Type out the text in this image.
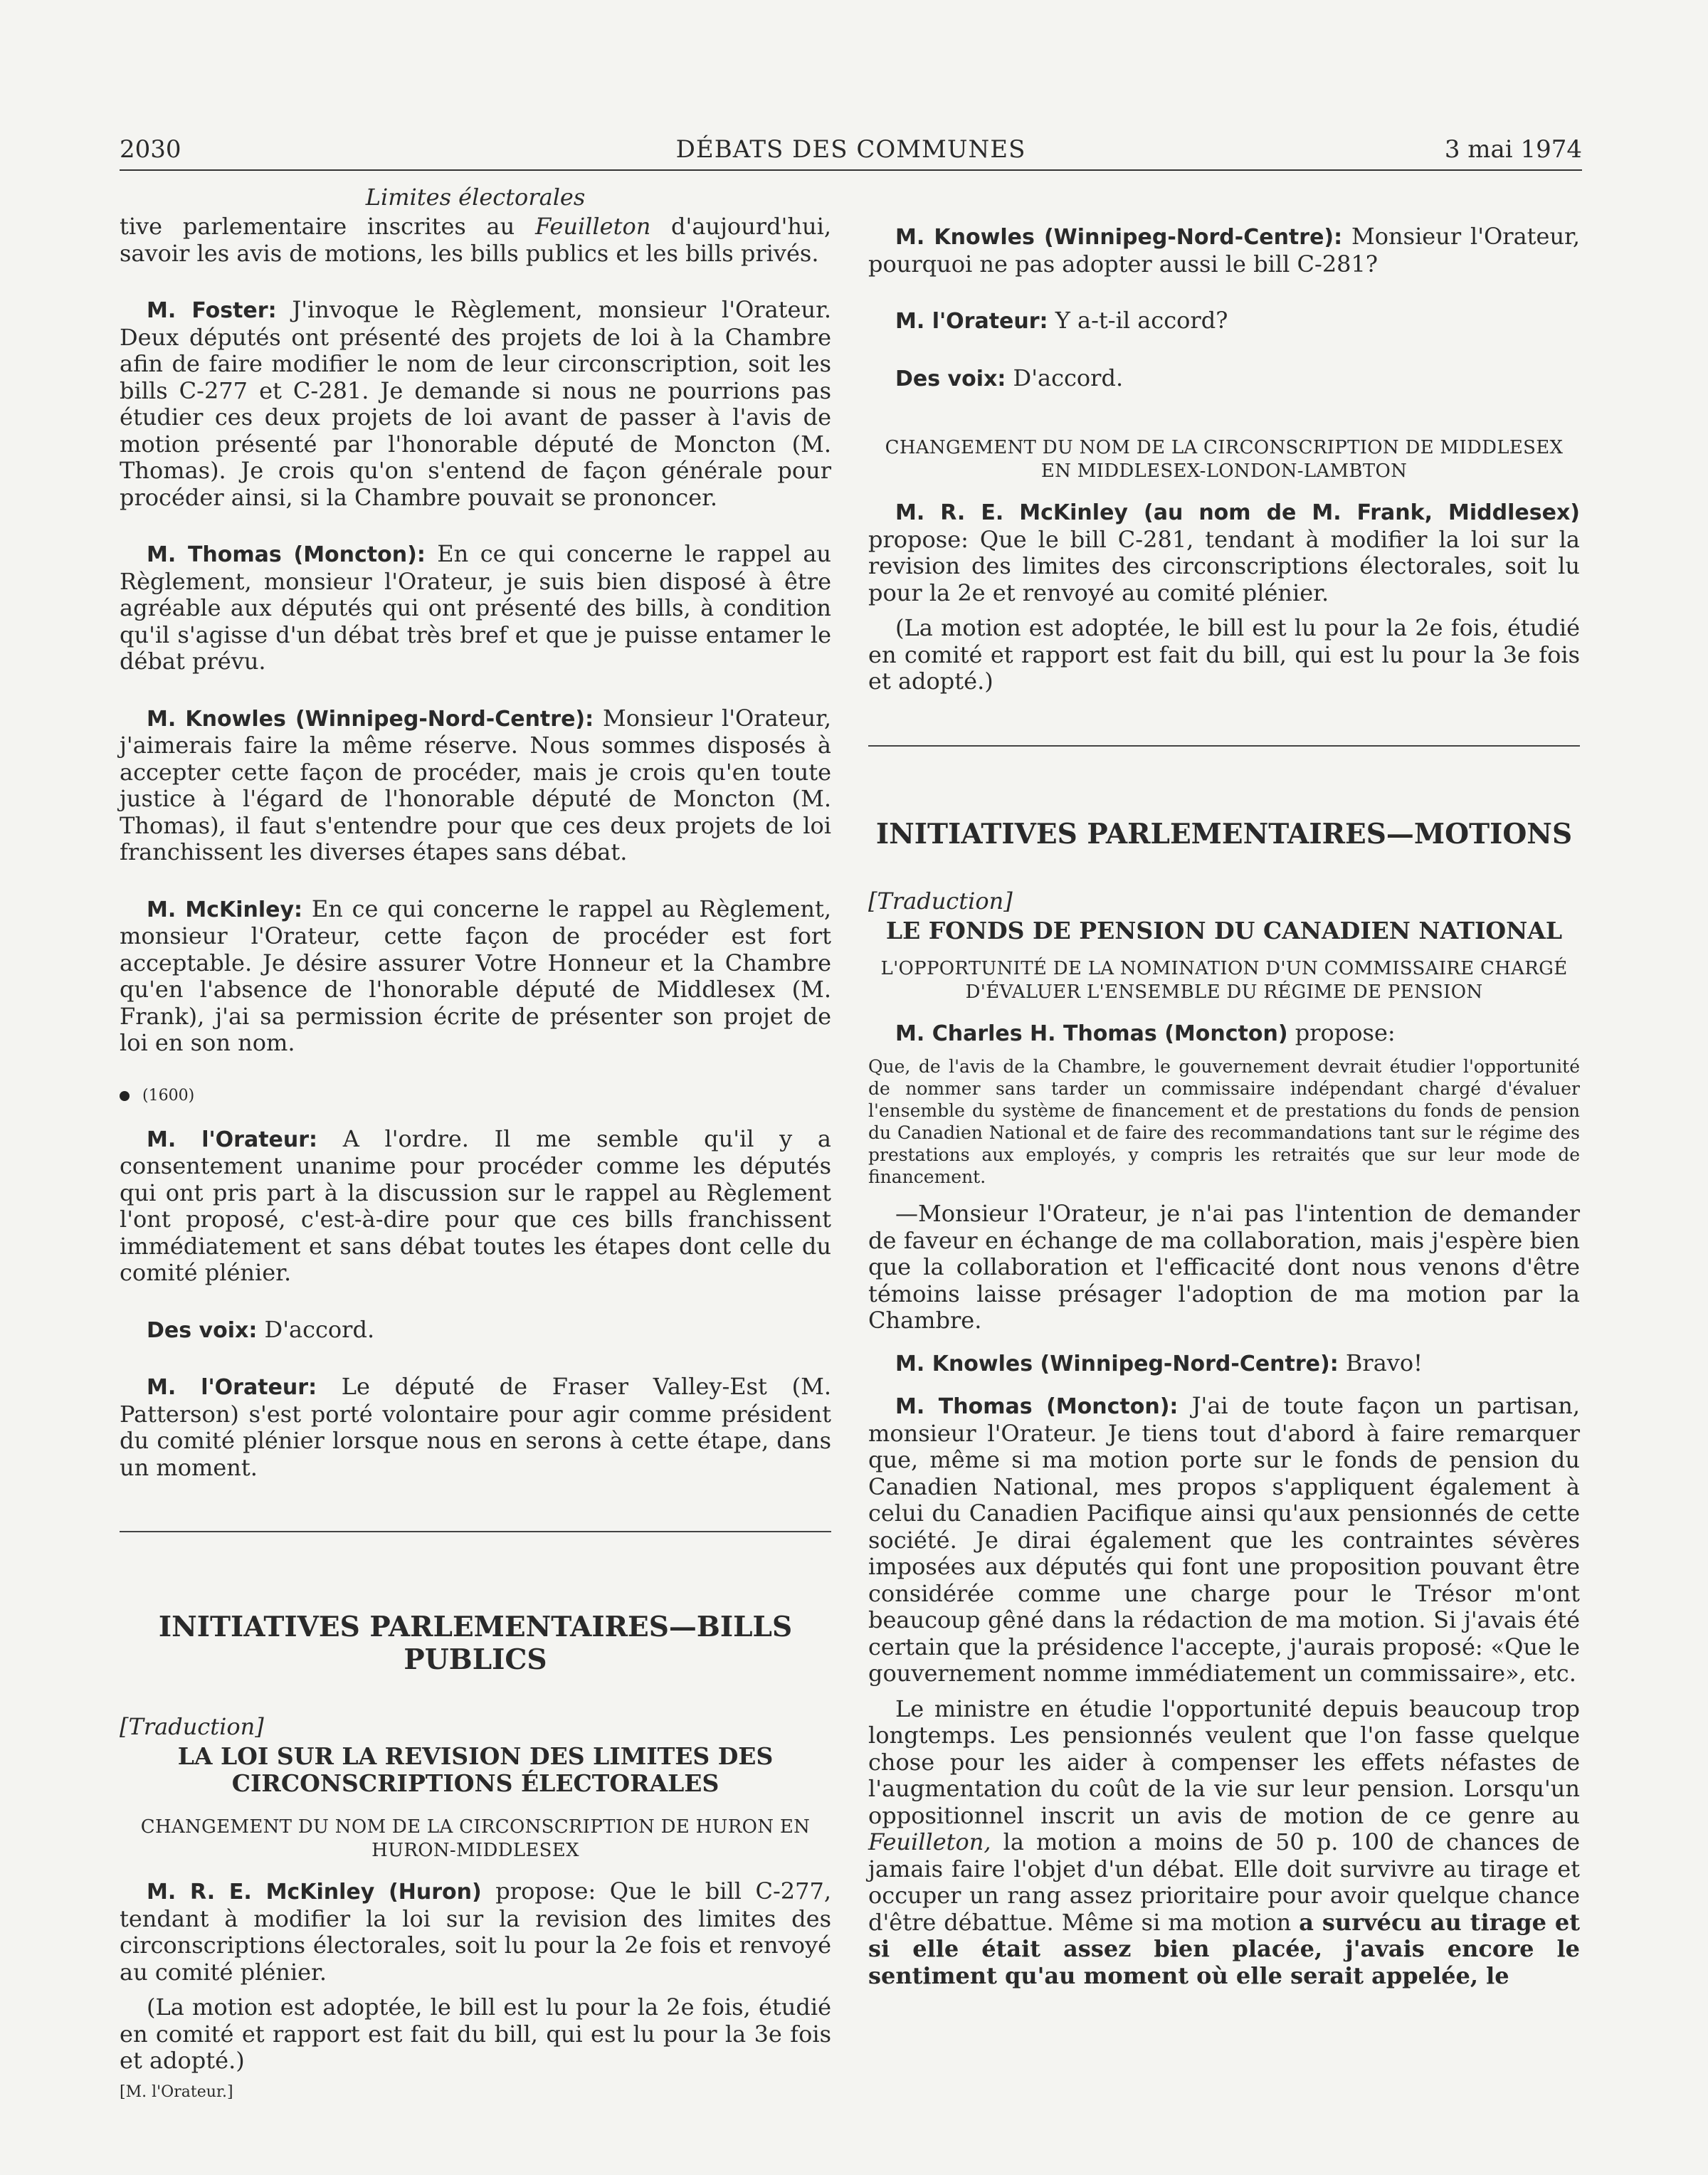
2030	DÉBATS DES COMMUNES	3 mai 1974
Limites électorales

tive parlementaire inscrites au Feuilleton d'aujourd'hui, savoir les avis de motions, les bills publics et les bills privés.

M. Foster: J'invoque le Règlement, monsieur l'Orateur. Deux députés ont présenté des projets de loi à la Chambre afin de faire modifier le nom de leur circonscription, soit les bills C-277 et C-281. Je demande si nous ne pourrions pas étudier ces deux projets de loi avant de passer à l'avis de motion présenté par l'honorable député de Moncton (M. Thomas). Je crois qu'on s'entend de façon générale pour procéder ainsi, si la Chambre pouvait se prononcer.

M. Thomas (Moncton): En ce qui concerne le rappel au Règlement, monsieur l'Orateur, je suis bien disposé à être agréable aux députés qui ont présenté des bills, à condition qu'il s'agisse d'un débat très bref et que je puisse entamer le débat prévu.

M. Knowles (Winnipeg-Nord-Centre): Monsieur l'Orateur, j'aimerais faire la même réserve. Nous sommes disposés à accepter cette façon de procéder, mais je crois qu'en toute justice à l'égard de l'honorable député de Moncton (M. Thomas), il faut s'entendre pour que ces deux projets de loi franchissent les diverses étapes sans débat.

M. McKinley: En ce qui concerne le rappel au Règlement, monsieur l'Orateur, cette façon de procéder est fort acceptable. Je désire assurer Votre Honneur et la Chambre qu'en l'absence de l'honorable député de Middlesex (M. Frank), j'ai sa permission écrite de présenter son projet de loi en son nom.

(1600)

M. l'Orateur: A l'ordre. Il me semble qu'il y a consentement unanime pour procéder comme les députés qui ont pris part à la discussion sur le rappel au Règlement l'ont proposé, c'est-à-dire pour que ces bills franchissent immédiatement et sans débat toutes les étapes dont celle du comité plénier.

Des voix: D'accord.

M. l'Orateur: Le député de Fraser Valley-Est (M. Patterson) s'est porté volontaire pour agir comme président du comité plénier lorsque nous en serons à cette étape, dans un moment.

INITIATIVES PARLEMENTAIRES—BILLS PUBLICS
[Traduction]
LA LOI SUR LA REVISION DES LIMITES DES CIRCONSCRIPTIONS ÉLECTORALES
CHANGEMENT DU NOM DE LA CIRCONSCRIPTION DE HURON EN HURON-MIDDLESEX

M. R. E. McKinley (Huron) propose: Que le bill C-277, tendant à modifier la loi sur la revision des limites des circonscriptions électorales, soit lu pour la 2e fois et renvoyé au comité plénier.

(La motion est adoptée, le bill est lu pour la 2e fois, étudié en comité et rapport est fait du bill, qui est lu pour la 3e fois et adopté.)

[M. l'Orateur.]

M. Knowles (Winnipeg-Nord-Centre): Monsieur l'Orateur, pourquoi ne pas adopter aussi le bill C-281?

M. l'Orateur: Y a-t-il accord?

Des voix: D'accord.

CHANGEMENT DU NOM DE LA CIRCONSCRIPTION DE MIDDLESEX EN MIDDLESEX-LONDON-LAMBTON

M. R. E. McKinley (au nom de M. Frank, Middlesex) propose: Que le bill C-281, tendant à modifier la loi sur la revision des limites des circonscriptions électorales, soit lu pour la 2e et renvoyé au comité plénier.

(La motion est adoptée, le bill est lu pour la 2e fois, étudié en comité et rapport est fait du bill, qui est lu pour la 3e fois et adopté.)

INITIATIVES PARLEMENTAIRES—MOTIONS
[Traduction]
LE FONDS DE PENSION DU CANADIEN NATIONAL
L'OPPORTUNITÉ DE LA NOMINATION D'UN COMMISSAIRE CHARGÉ D'ÉVALUER L'ENSEMBLE DU RÉGIME DE PENSION

M. Charles H. Thomas (Moncton) propose:

Que, de l'avis de la Chambre, le gouvernement devrait étudier l'opportunité de nommer sans tarder un commissaire indépendant chargé d'évaluer l'ensemble du système de financement et de prestations du fonds de pension du Canadien National et de faire des recommandations tant sur le régime des prestations aux employés, y compris les retraités que sur leur mode de financement.

—Monsieur l'Orateur, je n'ai pas l'intention de demander de faveur en échange de ma collaboration, mais j'espère bien que la collaboration et l'efficacité dont nous venons d'être témoins laisse présager l'adoption de ma motion par la Chambre.

M. Knowles (Winnipeg-Nord-Centre): Bravo!

M. Thomas (Moncton): J'ai de toute façon un partisan, monsieur l'Orateur. Je tiens tout d'abord à faire remarquer que, même si ma motion porte sur le fonds de pension du Canadien National, mes propos s'appliquent également à celui du Canadien Pacifique ainsi qu'aux pensionnés de cette société. Je dirai également que les contraintes sévères imposées aux députés qui font une proposition pouvant être considérée comme une charge pour le Trésor m'ont beaucoup gêné dans la rédaction de ma motion. Si j'avais été certain que la présidence l'accepte, j'aurais proposé: «Que le gouvernement nomme immédiatement un commissaire», etc.

Le ministre en étudie l'opportunité depuis beaucoup trop longtemps. Les pensionnés veulent que l'on fasse quelque chose pour les aider à compenser les effets néfastes de l'augmentation du coût de la vie sur leur pension. Lorsqu'un oppositionnel inscrit un avis de motion de ce genre au Feuilleton, la motion a moins de 50 p. 100 de chances de jamais faire l'objet d'un débat. Elle doit survivre au tirage et occuper un rang assez prioritaire pour avoir quelque chance d'être débattue. Même si ma motion a survécu au tirage et si elle était assez bien placée, j'avais encore le sentiment qu'au moment où elle serait appelée, le
